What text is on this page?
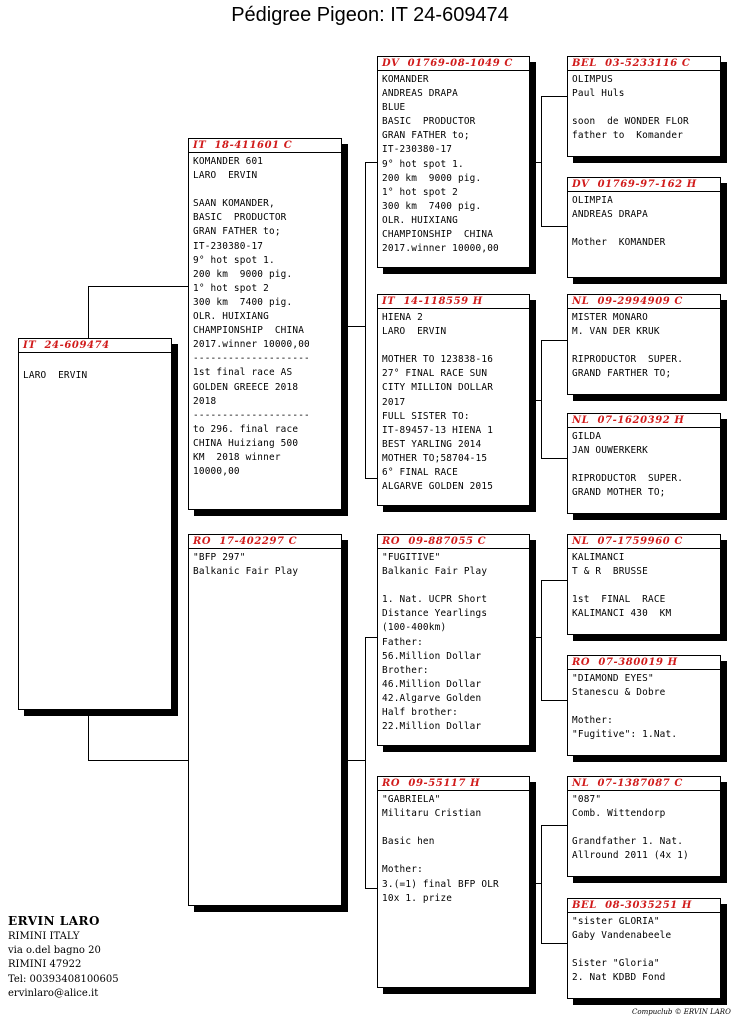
Pédigree Pigeon: IT 24-609474
IT  24-609474

LARO  ERVIN
IT  18-411601 C
KOMANDER 601
LARO  ERVIN

SAAN KOMANDER,
BASIC  PRODUCTOR
GRAN FATHER to;
IT-230380-17
9° hot spot 1.
200 km  9000 pig.
1° hot spot 2
300 km  7400 pig.
OLR. HUIXIANG
CHAMPIONSHIP  CHINA
2017.winner 10000,00
--------------------
1st final race AS
GOLDEN GREECE 2018
2018
--------------------
to 296. final race
CHINA Huiziang 500
KM  2018 winner
10000,00
RO  17-402297 C
"BFP 297"
Balkanic Fair Play
DV  01769-08-1049 C
KOMANDER
ANDREAS DRAPA
BLUE
BASIC  PRODUCTOR
GRAN FATHER to;
IT-230380-17
9° hot spot 1.
200 km  9000 pig.
1° hot spot 2
300 km  7400 pig.
OLR. HUIXIANG
CHAMPIONSHIP  CHINA
2017.winner 10000,00
IT  14-118559 H
HIENA 2
LARO  ERVIN

MOTHER TO 123838-16
27° FINAL RACE SUN
CITY MILLION DOLLAR
2017
FULL SISTER TO:
IT-89457-13 HIENA 1
BEST YARLING 2014
MOTHER TO;58704-15
6° FINAL RACE
ALGARVE GOLDEN 2015
RO  09-887055 C
"FUGITIVE"
Balkanic Fair Play

1. Nat. UCPR Short
Distance Yearlings
(100-400km)
Father:
56.Million Dollar
Brother:
46.Million Dollar
42.Algarve Golden
Half brother:
22.Million Dollar
RO  09-55117 H
"GABRIELA"
Militaru Cristian

Basic hen

Mother:
3.(=1) final BFP OLR
10x 1. prize
BEL  03-5233116 C
OLIMPUS
Paul Huls

soon  de WONDER FLOR
father to  Komander
DV  01769-97-162 H
OLIMPIA
ANDREAS DRAPA

Mother  KOMANDER
NL  09-2994909 C
MISTER MONARO
M. VAN DER KRUK

RIPRODUCTOR  SUPER.
GRAND FARTHER TO;
NL  07-1620392 H
GILDA
JAN OUWERKERK

RIPRODUCTOR  SUPER.
GRAND MOTHER TO;
NL  07-1759960 C
KALIMANCI
T & R  BRUSSE

1st  FINAL  RACE
KALIMANCI 430  KM
RO  07-380019 H
"DIAMOND EYES"
Stanescu & Dobre

Mother:
"Fugitive": 1.Nat.
NL  07-1387087 C
"087"
Comb. Wittendorp

Grandfather 1. Nat.
Allround 2011 (4x 1)
BEL  08-3035251 H
"sister GLORIA"
Gaby Vandenabeele

Sister "Gloria"
2. Nat KDBD Fond
ERVIN LARO
RIMINI ITALY
via o.del bagno 20
RIMINI 47922
Tel: 00393408100605
ervinlaro@alice.it
Compuclub © ERVIN LARO
